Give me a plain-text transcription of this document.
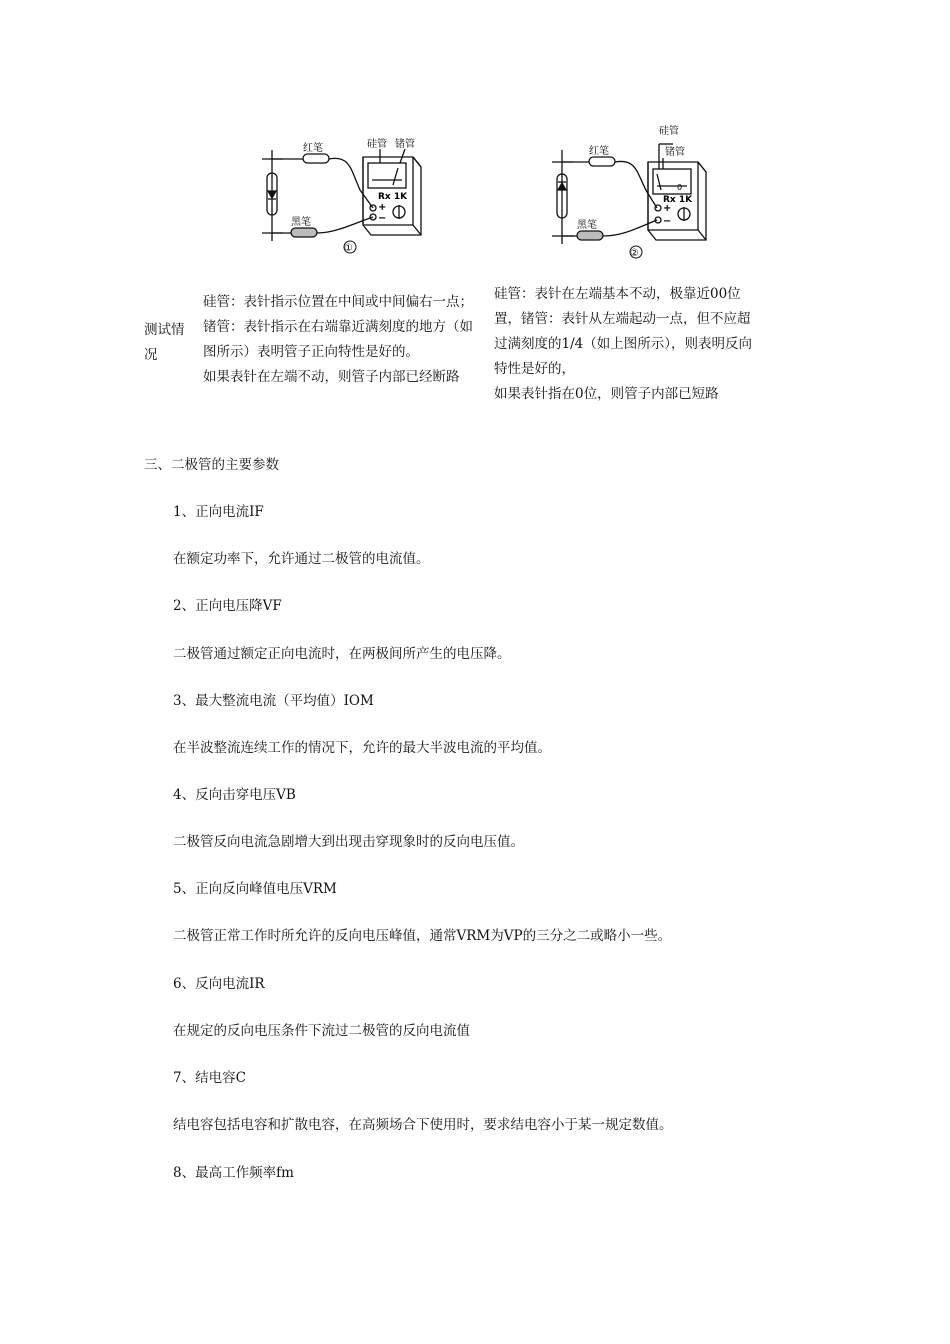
红笔
黑笔
硅管 锗管
Rx 1K
+
−
①
红笔
黑笔
硅管
锗管
0
Rx 1K
+
−
②
测试情
况
硅管：表针指示位置在中间或中间偏右一点；
锗管：表针指示在右端靠近满刻度的地方（如
图所示）表明管子正向特性是好的。
如果表针在左端不动，则管子内部已经断路
硅管：表针在左端基本不动，极靠近00位
置，锗管：表针从左端起动一点，但不应超
过满刻度的1/4（如上图所示），则表明反向
特性是好的，
如果表针指在0位，则管子内部已短路
三、二极管的主要参数
1、正向电流IF
在额定功率下，允许通过二极管的电流值。
2、正向电压降VF
二极管通过额定正向电流时，在两极间所产生的电压降。
3、最大整流电流（平均值）IOM
在半波整流连续工作的情况下，允许的最大半波电流的平均值。
4、反向击穿电压VB
二极管反向电流急剧增大到出现击穿现象时的反向电压值。
5、正向反向峰值电压VRM
二极管正常工作时所允许的反向电压峰值，通常VRM为VP的三分之二或略小一些。
6、反向电流IR
在规定的反向电压条件下流过二极管的反向电流值
7、结电容C
结电容包括电容和扩散电容，在高频场合下使用时，要求结电容小于某一规定数值。
8、最高工作频率fm
